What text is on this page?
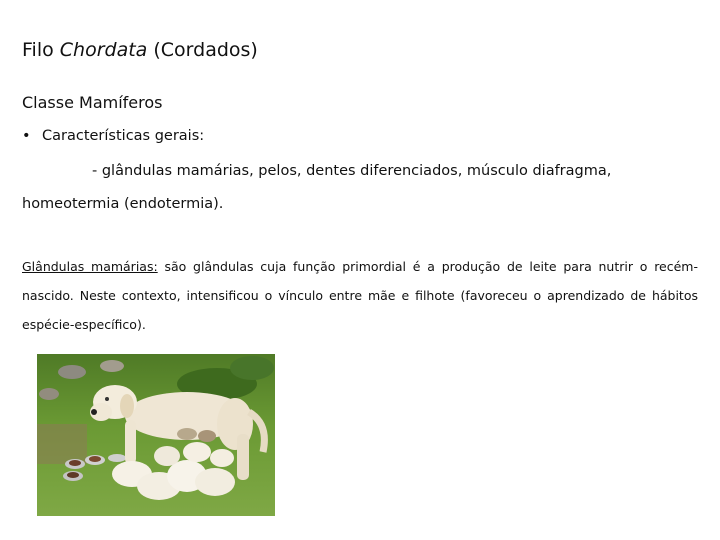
Filo Chordata (Cordados)
Classe Mamíferos
• Características gerais:
- glândulas mamárias, pelos, dentes diferenciados, músculo diafragma,
homeotermia (endotermia).
Glândulas mamárias: são glândulas cuja função primordial é a produção de leite para nutrir o recém-nascido. Neste contexto, intensificou o vínculo entre mãe e filhote (favoreceu o aprendizado de hábitos espécie-específico).
